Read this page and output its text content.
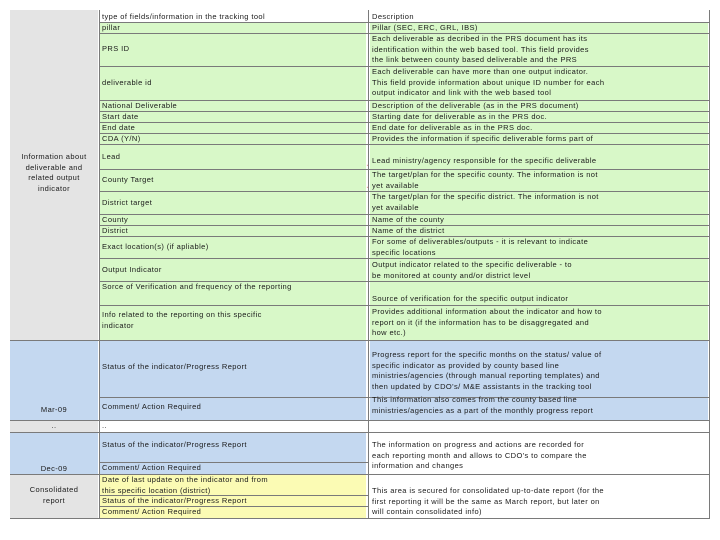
type of fields/information in the tracking tool	Description
Information about deliverable and related output indicator
pillar
PRS ID
deliverable id
National Deliverable
Start date
End date
CDA (Y/N)
Lead
County Target
District target
County
District
Exact location(s) (if apliable)
Output Indicator
Sorce of Verification and frequency of the reporting
Info related to the reporting on this specific indicator
Pillar (SEC, ERC, GRL, IBS)
Each deliverable as decribed in the PRS document has its identification within the web based tool. This field provides the link between county based deliverable and the PRS
Each deliverable can have more than one output indicator. This field provide information about unique ID number for each output indicator and link with the web based tool
Description of the deliverable (as in the PRS document)
Starting date for deliverable as in the PRS doc.
End date for deliverable as in the PRS doc.
Provides the information if specific deliverable forms part of
Lead ministry/agency responsible for the specific deliverable
The target/plan for the specific county. The information is not yet available
The target/plan for the specific district. The information is not yet available
Name of the county
Name of the district
For some of deliverables/outputs - it is relevant to indicate specific locations
Output indicator related to the specific deliverable - to be monitored at county and/or district level
Source of verification for the specific output indicator
Provides additional information about the indicator and how to report on it (if the information has to be disaggregated and how etc.)
ˈ
ˈ
Mar-09
Status of the indicator/Progress Report
Comment/ Action Required
Progress report for the specific months on the status/ value of specific indicator as provided by county based line ministries/agencies (through manual reporting templates) and then updated by CDO's/ M&E assistants in the tracking tool
This information also comes from the county based line ministries/agencies as a part of the monthly progress report
..	..
Dec-09
Status of the indicator/Progress Report
Comment/ Action Required
The information on progress and actions are recorded for each reporting month and allows to CDO's to compare the information and changes
Consolidated report
Date of last update on the indicator and from this specific location (district)
Status of the indicator/Progress Report
Comment/ Action Required
This area is secured for consolidated up-to-date report (for the first reporting it will be the same as March report, but later on will contain consolidated info)
